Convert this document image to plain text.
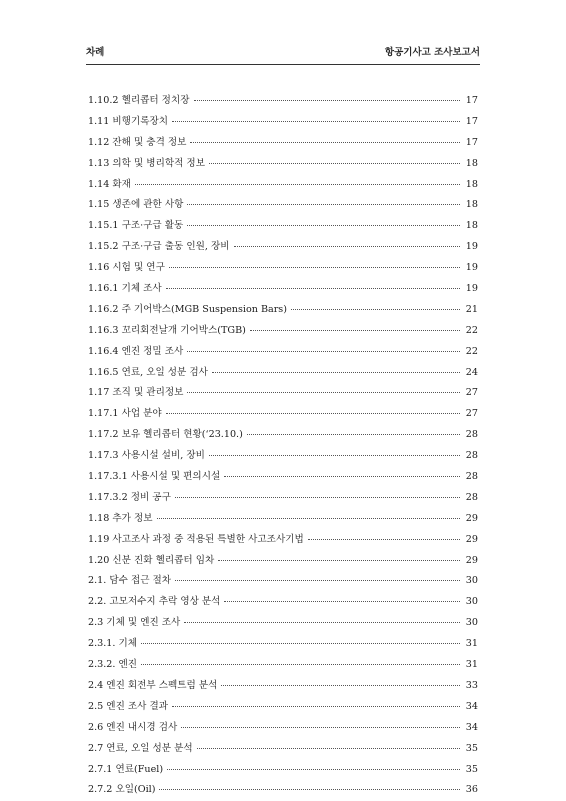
차례	항공기사고 조사보고서
1.10.2 헬리콥터 정치장	17
1.11 비행기록장치	17
1.12 잔해 및 충격 정보	17
1.13 의학 및 병리학적 정보	18
1.14 화재	18
1.15 생존에 관한 사항	18
1.15.1 구조·구급 활동	18
1.15.2 구조·구급 출동 인원, 장비	19
1.16 시험 및 연구	19
1.16.1 기체 조사	19
1.16.2 주 기어박스(MGB Suspension Bars)	21
1.16.3 꼬리회전날개 기어박스(TGB)	22
1.16.4 엔진 정밀 조사	22
1.16.5 연료, 오일 성분 검사	24
1.17 조직 및 관리정보	27
1.17.1 사업 분야	27
1.17.2 보유 헬리콥터 현황(‘23.10.)	28
1.17.3 사용시설 설비, 장비	28
1.17.3.1 사용시설 및 편의시설	28
1.17.3.2 정비 공구	28
1.18 추가 정보	29
1.19 사고조사 과정 중 적용된 특별한 사고조사기법	29
1.20 신분 진화 헬리콥터 임차	29
2.1. 담수 접근 절차	30
2.2. 고모저수지 추락 영상 분석	30
2.3 기체 및 엔진 조사	30
2.3.1. 기체	31
2.3.2. 엔진	31
2.4 엔진 회전부 스펙트럼 분석	33
2.5 엔진 조사 결과	34
2.6 엔진 내시경 검사	34
2.7 연료, 오일 성분 분석	35
2.7.1 연료(Fuel)	35
2.7.2 오일(Oil)	36
